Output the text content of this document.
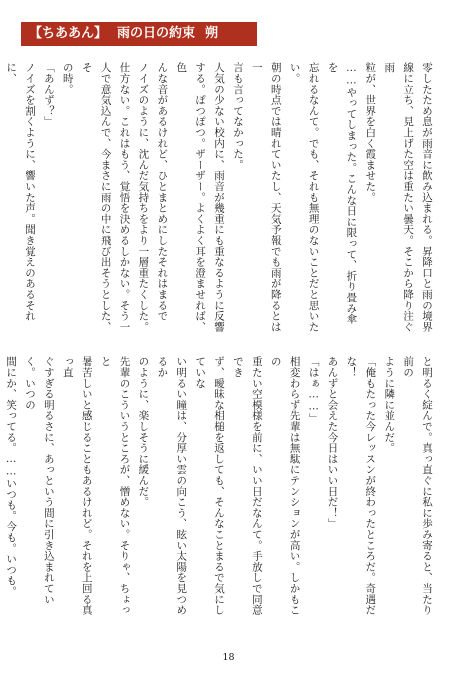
【ちああん】 雨の日の約束 朔

零したため息が雨音に飲み込まれる。昇降口と雨の境界

線に立ち、見上げた空は重たい曇天。そこから降り注ぐ雨

粒が、世界を白く霞ませた。

……やってしまった。こんな日に限って、折り畳み傘を

忘れるなんて。でも、それも無理のないことだと思いたい。

朝の時点では晴れていたし、天気予報でも雨が降るとは一

言も言ってなかった。

人気の少ない校内に、雨音が幾重にも重なるように反響

する。ぽつぽつ。ザーザー。よくよく耳を澄ませれば、色

んな音があるけれど、ひとまとめにしたそれはまるで

ノイズのように、沈んだ気持ちをより一層重たくした。

仕方ない。これはもう、覚悟を決めるしかない。そう一

人で意気込んで、今まさに雨の中に飛び出そうとした、そ

の時。

「あんず？」

ノイズを割くように、響いた声。聞き覚えのあるそれに、

と明るく綻んで。真っ直ぐに私に歩み寄ると、当たり前の

ように隣に並んだ。

「俺もたった今レッスンが終わったところだ。奇遇だな！

あんずと会えた今日はいい日だ！」

「はぁ……」

相変わらず先輩は無駄にテンションが高い。しかもこの

重たい空模様を前に、いい日だなんて。手放しで同意でき

ず、曖昧な相槌を返しても、そんなことまるで気にしていな

い明るい瞳は、分厚い雲の向こう、眩い太陽を見つめるか

のように、楽しそうに緩んだ。

先輩のこういうところが、憎めない。そりゃ、ちょっと

暑苦しいと感じることもあるけれど。それを上回る真っ直

ぐすぎる明るさに、あっという間に引き込まれていく。いつの

間にか、笑ってる。……いつも。今も。いつも。

18
